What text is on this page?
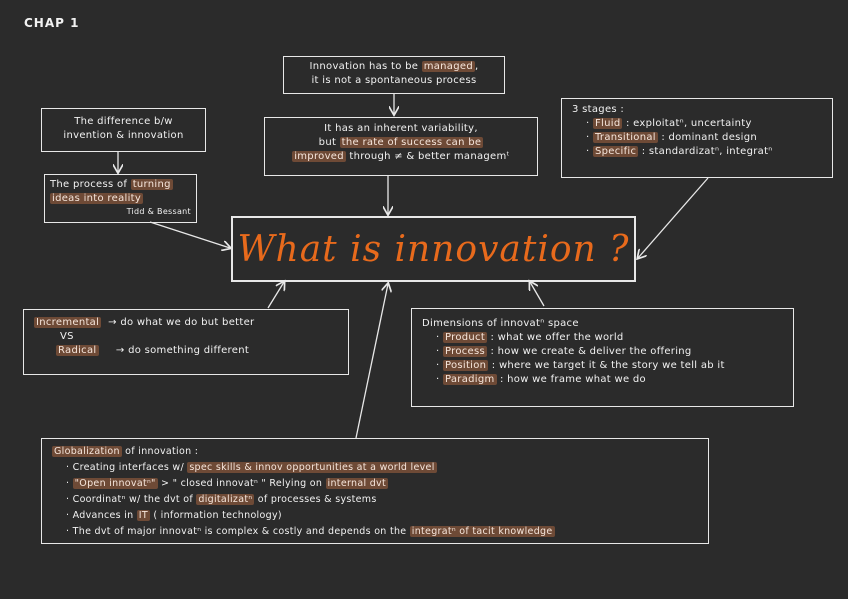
CHAP 1
Innovation has to be managed ,
it is not a spontaneous process
It has an inherent variability,
but the rate of success can be
improved through ≠ & better managemᵗ
The difference b/w
invention & innovation
The process of turning
ideas into reality
Tidd & Bessant
3 stages :
· Fluid : exploitatⁿ, uncertainty
· Transitional : dominant design
· Specific : standardizatⁿ, integratⁿ
What is innovation ?
Incremental → do what we do but better
VS
Radical → do something different
Dimensions of innovatⁿ space
· Product : what we offer the world
· Process : how we create & deliver the offering
· Position : where we target it & the story we tell ab it
· Paradigm : how we frame what we do
Globalization of innovation :
· Creating interfaces w/ spec skills & innov opportunities at a world level
· "Open innovatⁿ" > " closed innovatⁿ " Relying on internal dvt
· Coordinatⁿ w/ the dvt of digitalizatⁿ of processes & systems
· Advances in IT ( information technology)
· The dvt of major innovatⁿ is complex & costly and depends on the integratⁿ of tacit knowledge
